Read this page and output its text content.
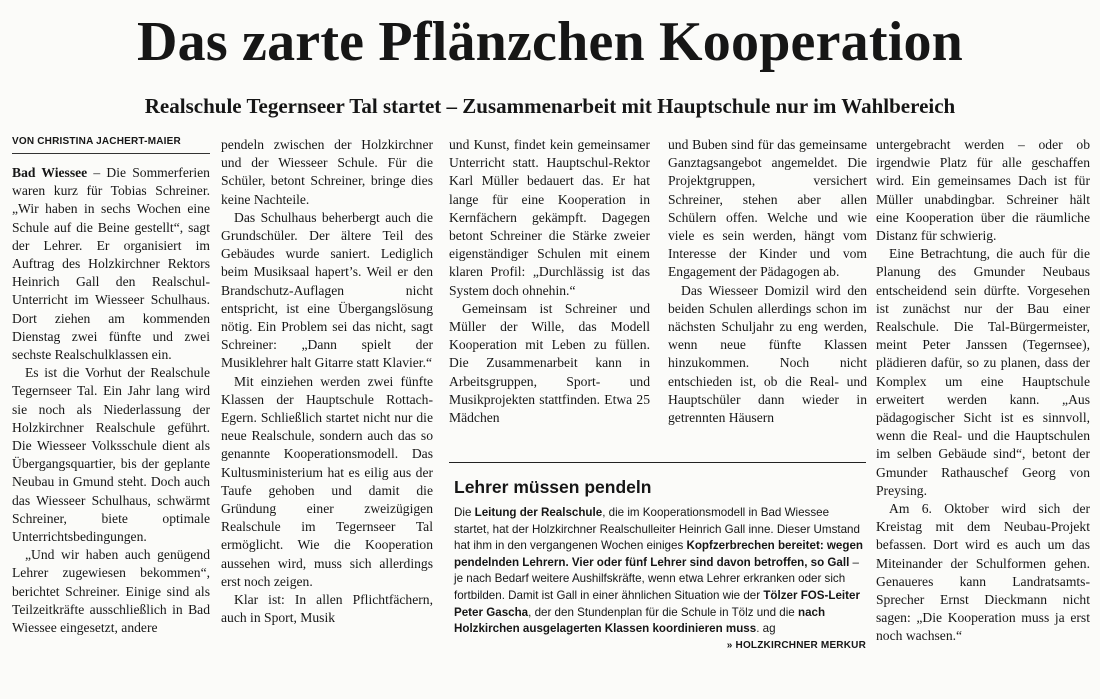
Das zarte Pflänzchen Kooperation
Realschule Tegernseer Tal startet – Zusammenarbeit mit Hauptschule nur im Wahlbereich
VON CHRISTINA JACHERT-MAIER

Bad Wiessee – Die Sommerferien waren kurz für Tobias Schreiner. „Wir haben in sechs Wochen eine Schule auf die Beine gestellt“, sagt der Lehrer. Er organisiert im Auftrag des Holzkirchner Rektors Heinrich Gall den Realschul-Unterricht im Wiesseer Schulhaus. Dort ziehen am kommenden Dienstag zwei fünfte und zwei sechste Realschulklassen ein.

Es ist die Vorhut der Realschule Tegernseer Tal. Ein Jahr lang wird sie noch als Niederlassung der Holzkirchner Realschule geführt. Die Wiesseer Volksschule dient als Übergangsquartier, bis der geplante Neubau in Gmund steht. Doch auch das Wiesseer Schulhaus, schwärmt Schreiner, biete optimale Unterrichtsbedingungen.

„Und wir haben auch genügend Lehrer zugewiesen bekommen“, berichtet Schreiner. Einige sind als Teilzeitkräfte ausschließlich in Bad Wiessee eingesetzt, andere

pendeln zwischen der Holzkirchner und der Wiesseer Schule. Für die Schüler, betont Schreiner, bringe dies keine Nachteile.

Das Schulhaus beherbergt auch die Grundschüler. Der ältere Teil des Gebäudes wurde saniert. Lediglich beim Musiksaal hapert’s. Weil er den Brandschutz-Auflagen nicht entspricht, ist eine Übergangslösung nötig. Ein Problem sei das nicht, sagt Schreiner: „Dann spielt der Musiklehrer halt Gitarre statt Klavier.“

Mit einziehen werden zwei fünfte Klassen der Hauptschule Rottach-Egern. Schließlich startet nicht nur die neue Realschule, sondern auch das so genannte Kooperationsmodell. Das Kultusministerium hat es eilig aus der Taufe gehoben und damit die Gründung einer zweizügigen Realschule im Tegernseer Tal ermöglicht. Wie die Kooperation aussehen wird, muss sich allerdings erst noch zeigen.

Klar ist: In allen Pflichtfächern, auch in Sport, Musik

und Kunst, findet kein gemeinsamer Unterricht statt. Hauptschul-Rektor Karl Müller bedauert das. Er hat lange für eine Kooperation in Kernfächern gekämpft. Dagegen betont Schreiner die Stärke zweier eigenständiger Schulen mit einem klaren Profil: „Durchlässig ist das System doch ohnehin.“

Gemeinsam ist Schreiner und Müller der Wille, das Modell Kooperation mit Leben zu füllen. Die Zusammenarbeit kann in Arbeitsgruppen, Sport- und Musikprojekten stattfinden. Etwa 25 Mädchen

und Buben sind für das gemeinsame Ganztagsangebot angemeldet. Die Projektgruppen, versichert Schreiner, stehen aber allen Schülern offen. Welche und wie viele es sein werden, hängt vom Interesse der Kinder und vom Engagement der Pädagogen ab.

Das Wiesseer Domizil wird den beiden Schulen allerdings schon im nächsten Schuljahr zu eng werden, wenn neue fünfte Klassen hinzukommen. Noch nicht entschieden ist, ob die Real- und Hauptschüler dann wieder in getrennten Häusern

untergebracht werden – oder ob irgendwie Platz für alle geschaffen wird. Ein gemeinsames Dach ist für Müller unabdingbar. Schreiner hält eine Kooperation über die räumliche Distanz für schwierig.

Eine Betrachtung, die auch für die Planung des Gmunder Neubaus entscheidend sein dürfte. Vorgesehen ist zunächst nur der Bau einer Realschule. Die Tal-Bürgermeister, meint Peter Janssen (Tegernsee), plädieren dafür, so zu planen, dass der Komplex um eine Hauptschule erweitert werden kann. „Aus pädagogischer Sicht ist es sinnvoll, wenn die Real- und die Hauptschulen im selben Gebäude sind“, betont der Gmunder Rathauschef Georg von Preysing.

Am 6. Oktober wird sich der Kreistag mit dem Neubau-Projekt befassen. Dort wird es auch um das Miteinander der Schulformen gehen. Genaueres kann Landratsamts-Sprecher Ernst Dieckmann nicht sagen: „Die Kooperation muss ja erst noch wachsen.“

Lehrer müssen pendeln
Die Leitung der Realschule, die im Kooperationsmodell in Bad Wiessee startet, hat der Holzkirchner Realschulleiter Heinrich Gall inne. Dieser Umstand hat ihm in den vergangenen Wochen einiges Kopfzerbrechen bereitet: wegen pendelnden Lehrern. Vier oder fünf Lehrer sind davon betroffen, so Gall – je nach Bedarf weitere Aushilfskräfte, wenn etwa Lehrer erkranken oder sich fortbilden. Damit ist Gall in einer ähnlichen Situation wie der Tölzer FOS-Leiter Peter Gascha, der den Stundenplan für die Schule in Tölz und die nach Holzkirchen ausgelagerten Klassen koordinieren muss. ag
» HOLZKIRCHNER MERKUR
